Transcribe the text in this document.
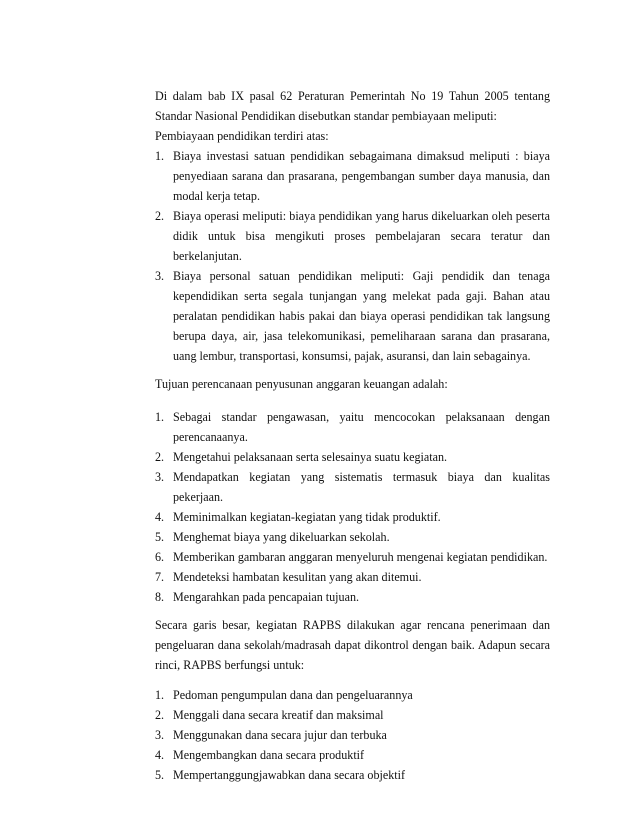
Di dalam bab IX pasal 62 Peraturan Pemerintah No 19 Tahun 2005 tentang Standar Nasional Pendidikan disebutkan standar pembiayaan meliputi:

Pembiayaan pendidikan terdiri atas:

1. Biaya investasi satuan pendidikan sebagaimana dimaksud meliputi : biaya penyediaan sarana dan prasarana, pengembangan sumber daya manusia, dan modal kerja tetap.
2. Biaya operasi meliputi: biaya pendidikan yang harus dikeluarkan oleh peserta didik untuk bisa mengikuti proses pembelajaran secara teratur dan berkelanjutan.
3. Biaya personal satuan pendidikan meliputi: Gaji pendidik dan tenaga kependidikan serta segala tunjangan yang melekat pada gaji. Bahan atau peralatan pendidikan habis pakai dan biaya operasi pendidikan tak langsung berupa daya, air, jasa telekomunikasi, pemeliharaan sarana dan prasarana, uang lembur, transportasi, konsumsi, pajak, asuransi, dan lain sebagainya.

Tujuan perencanaan penyusunan anggaran keuangan adalah:

1. Sebagai standar pengawasan, yaitu mencocokan pelaksanaan dengan perencanaanya.
2. Mengetahui pelaksanaan serta selesainya suatu kegiatan.
3. Mendapatkan kegiatan yang sistematis termasuk biaya dan kualitas pekerjaan.
4. Meminimalkan kegiatan-kegiatan yang tidak produktif.
5. Menghemat biaya yang dikeluarkan sekolah.
6. Memberikan gambaran anggaran menyeluruh mengenai kegiatan pendidikan.
7. Mendeteksi hambatan kesulitan yang akan ditemui.
8. Mengarahkan pada pencapaian tujuan.

Secara garis besar, kegiatan RAPBS dilakukan agar rencana penerimaan dan pengeluaran dana sekolah/madrasah dapat dikontrol dengan baik. Adapun secara rinci, RAPBS berfungsi untuk:

1. Pedoman pengumpulan dana dan pengeluarannya
2. Menggali dana secara kreatif dan maksimal
3. Menggunakan dana secara jujur dan terbuka
4. Mengembangkan dana secara produktif
5. Mempertanggungjawabkan dana secara objektif
